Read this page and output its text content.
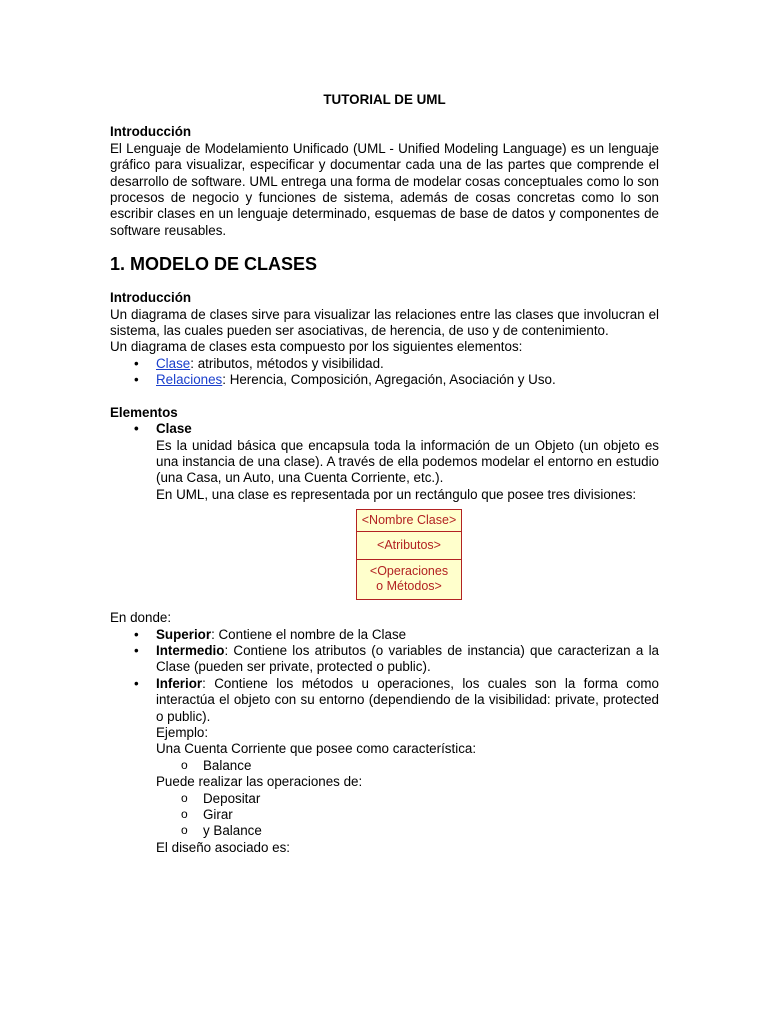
TUTORIAL DE UML
Introducción

El Lenguaje de Modelamiento Unificado (UML - Unified Modeling Language) es un lenguaje gráfico para visualizar, especificar y documentar cada una de las partes que comprende el desarrollo de software. UML entrega una forma de modelar cosas conceptuales como lo son procesos de negocio y funciones de sistema, además de cosas concretas como lo son escribir clases en un lenguaje determinado, esquemas de base de datos y componentes de software reusables.

1. MODELO DE CLASES
Introducción

Un diagrama de clases sirve para visualizar las relaciones entre las clases que involucran el sistema, las cuales pueden ser asociativas, de herencia, de uso y de contenimiento.

Un diagrama de clases esta compuesto por los siguientes elementos:

• Clase: atributos, métodos y visibilidad.
• Relaciones: Herencia, Composición, Agregación, Asociación y Uso.
Elementos
• Clase

Es la unidad básica que encapsula toda la información de un Objeto (un objeto es una instancia de una clase). A través de ella podemos modelar el entorno en estudio (una Casa, un Auto, una Cuenta Corriente, etc.).

En UML, una clase es representada por un rectángulo que posee tres divisiones:

<Nombre Clase>
<Atributos>
<Operaciones
o Métodos>

En donde:

• Superior: Contiene el nombre de la Clase
• Intermedio: Contiene los atributos (o variables de instancia) que caracterizan a la Clase (pueden ser private, protected o public).
• Inferior: Contiene los métodos u operaciones, los cuales son la forma como interactúa el objeto con su entorno (dependiendo de la visibilidad: private, protected o public).

Ejemplo:

Una Cuenta Corriente que posee como característica:

o Balance

Puede realizar las operaciones de:

o Depositar
o Girar
o y Balance

El diseño asociado es:
